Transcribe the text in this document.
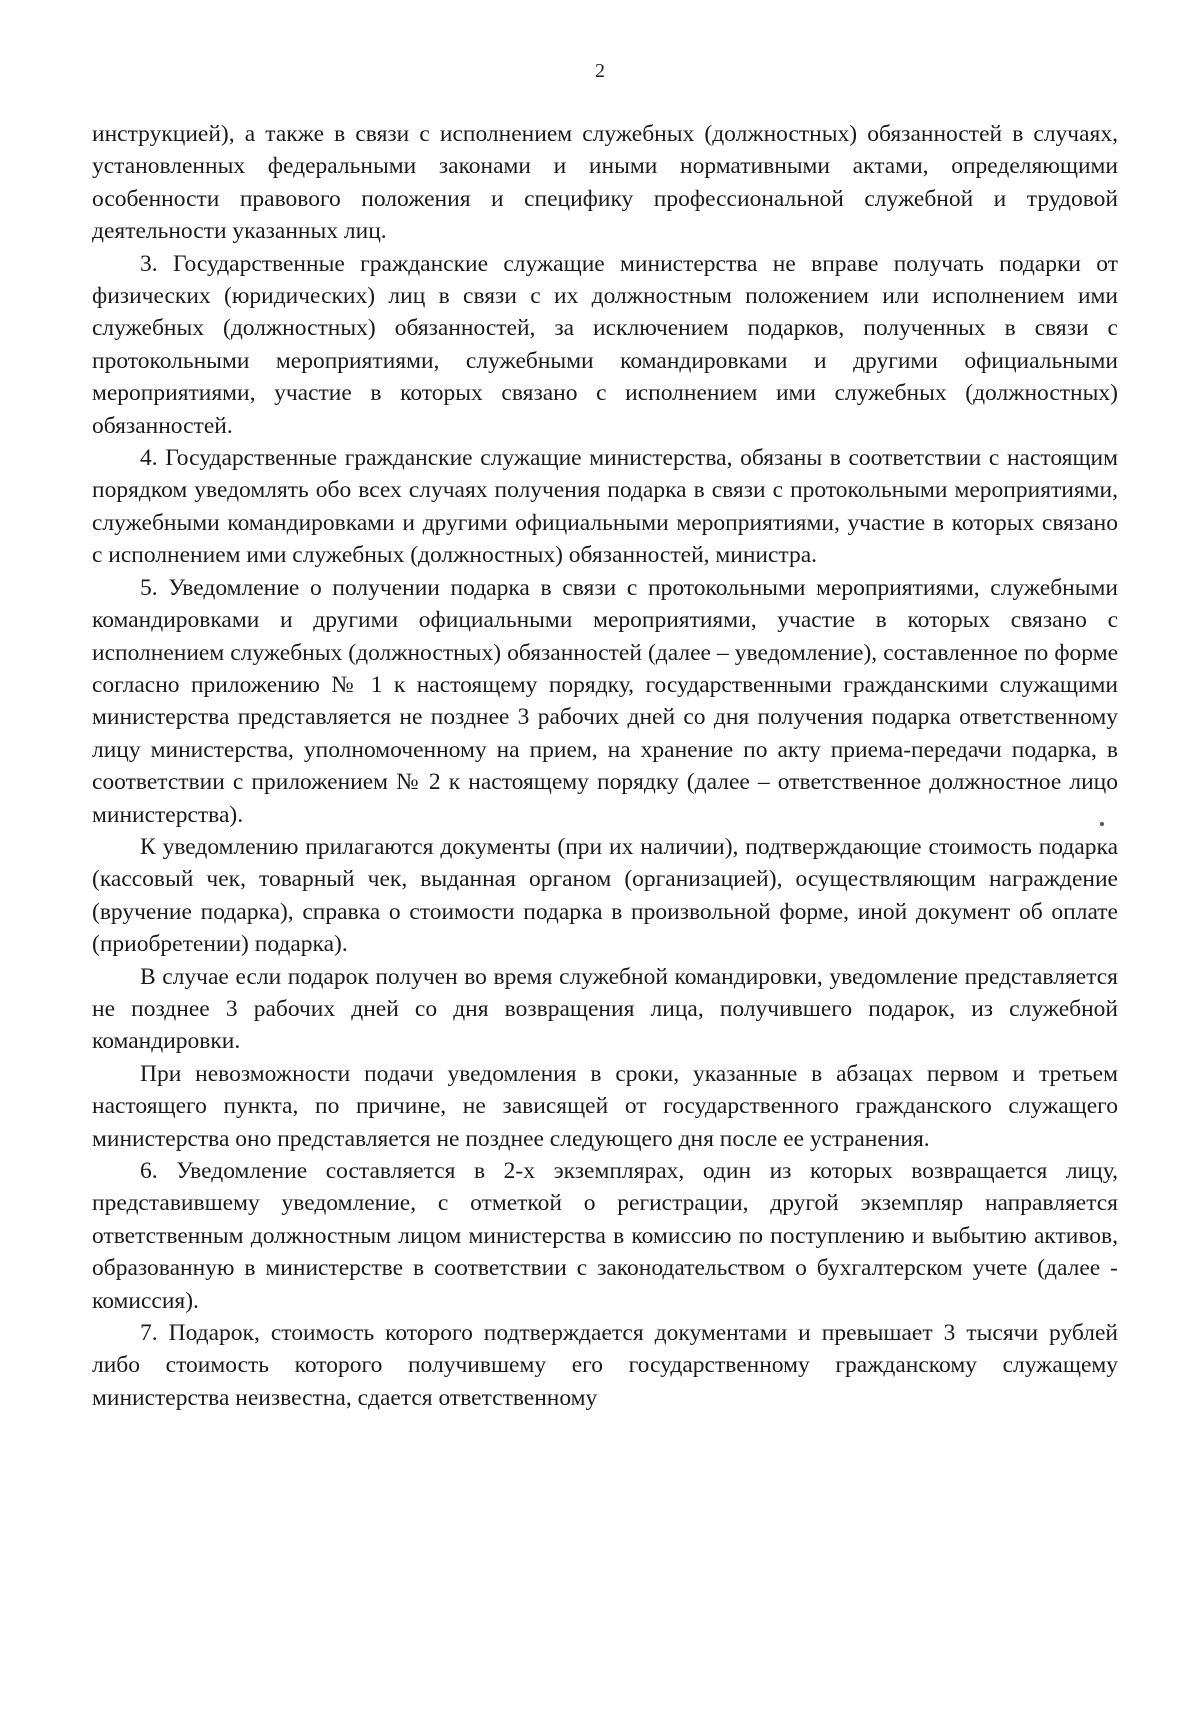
2

инструкцией), а также в связи с исполнением служебных (должностных) обязанностей в случаях, установленных федеральными законами и иными нормативными актами, определяющими особенности правового положения и специфику профессиональной служебной и трудовой деятельности указанных лиц.

3. Государственные гражданские служащие министерства не вправе получать подарки от физических (юридических) лиц в связи с их должностным положением или исполнением ими служебных (должностных) обязанностей, за исключением подарков, полученных в связи с протокольными мероприятиями, служебными командировками и другими официальными мероприятиями, участие в которых связано с исполнением ими служебных (должностных) обязанностей.

4. Государственные гражданские служащие министерства, обязаны в соответствии с настоящим порядком уведомлять обо всех случаях получения подарка в связи с протокольными мероприятиями, служебными командировками и другими официальными мероприятиями, участие в которых связано с исполнением ими служебных (должностных) обязанностей, министра.

5. Уведомление о получении подарка в связи с протокольными мероприятиями, служебными командировками и другими официальными мероприятиями, участие в которых связано с исполнением служебных (должностных) обязанностей (далее – уведомление), составленное по форме согласно приложению № 1 к настоящему порядку, государственными гражданскими служащими министерства представляется не позднее 3 рабочих дней со дня получения подарка ответственному лицу министерства, уполномоченному на прием, на хранение по акту приема-передачи подарка, в соответствии с приложением № 2 к настоящему порядку (далее – ответственное должностное лицо министерства).

К уведомлению прилагаются документы (при их наличии), подтверждающие стоимость подарка (кассовый чек, товарный чек, выданная органом (организацией), осуществляющим награждение (вручение подарка), справка о стоимости подарка в произвольной форме, иной документ об оплате (приобретении) подарка).

В случае если подарок получен во время служебной командировки, уведомление представляется не позднее 3 рабочих дней со дня возвращения лица, получившего подарок, из служебной командировки.

При невозможности подачи уведомления в сроки, указанные в абзацах первом и третьем настоящего пункта, по причине, не зависящей от государственного гражданского служащего министерства оно представляется не позднее следующего дня после ее устранения.

6. Уведомление составляется в 2-х экземплярах, один из которых возвращается лицу, представившему уведомление, с отметкой о регистрации, другой экземпляр направляется ответственным должностным лицом министерства в комиссию по поступлению и выбытию активов, образованную в министерстве в соответствии с законодательством о бухгалтерском учете (далее - комиссия).

7. Подарок, стоимость которого подтверждается документами и превышает 3 тысячи рублей либо стоимость которого получившему его государственному гражданскому служащему министерства неизвестна, сдается ответственному
